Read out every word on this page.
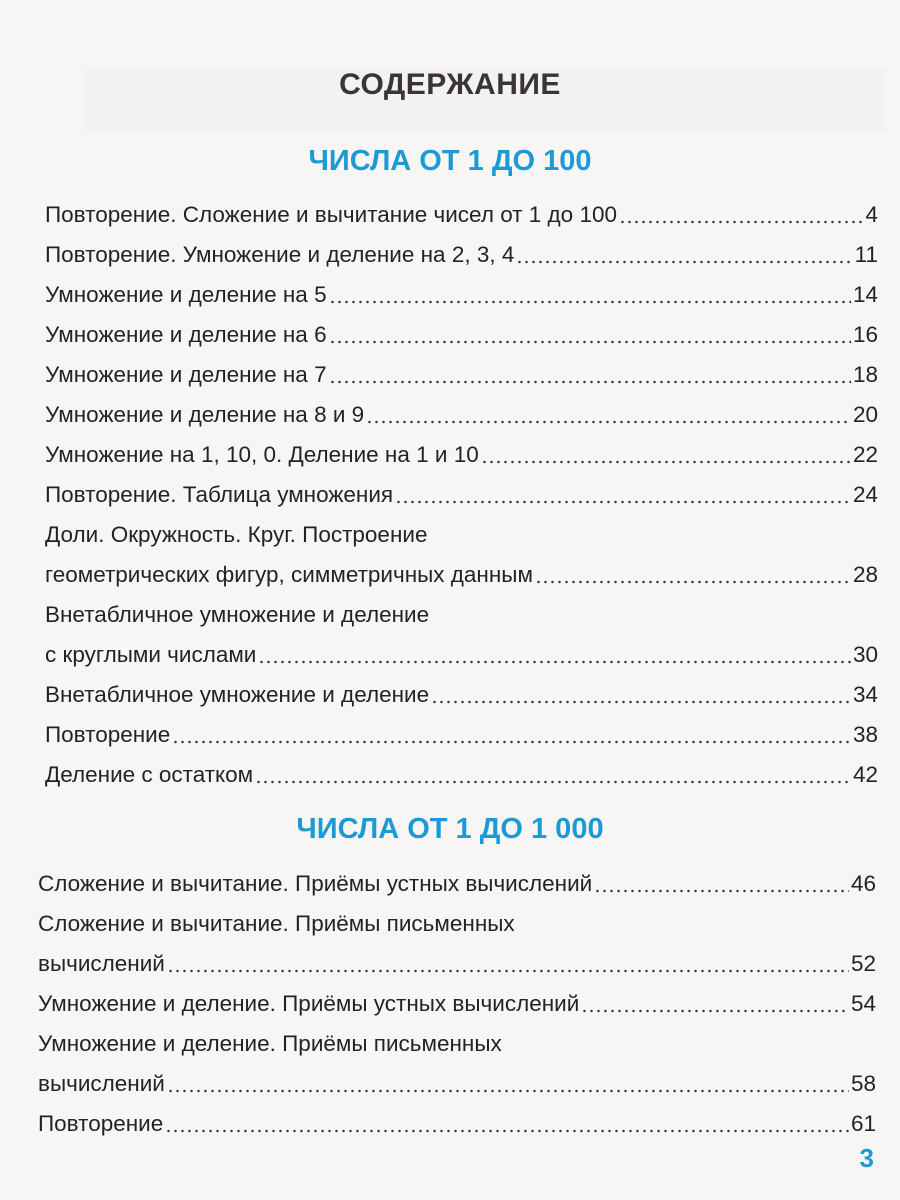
СОДЕРЖАНИЕ
ЧИСЛА ОТ 1 ДО 100
Повторение. Сложение и вычитание чисел от 1 до 100	4
Повторение. Умножение и деление на 2, 3, 4	11
Умножение и деление на 5	14
Умножение и деление на 6	16
Умножение и деление на 7	18
Умножение и деление на 8 и 9	20
Умножение на 1, 10, 0. Деление на 1 и 10	22
Повторение. Таблица умножения	24
Доли. Окружность. Круг. Построение
геометрических фигур, симметричных данным	28
Внетабличное умножение и деление
с круглыми числами	30
Внетабличное умножение и деление	34
Повторение	38
Деление с остатком	42
ЧИСЛА ОТ 1 ДО 1 000
Сложение и вычитание. Приёмы устных вычислений	46
Сложение и вычитание. Приёмы письменных
вычислений	52
Умножение и деление. Приёмы устных вычислений	54
Умножение и деление. Приёмы письменных
вычислений	58
Повторение	61
3
